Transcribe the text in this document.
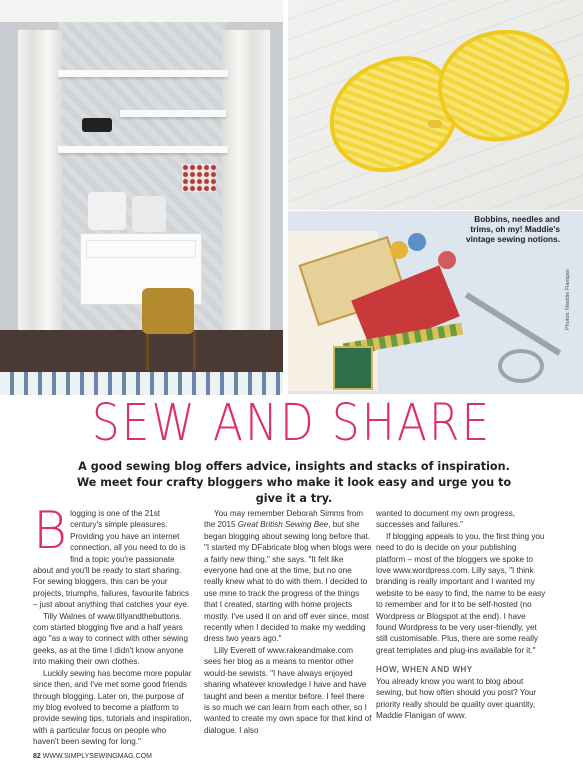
Bobbins, needles and
trims, oh my! Maddie's
vintage sewing notions.
Photos: Maddie Flanigan
SEW AND SHARE
A good sewing blog offers advice, insights and stacks of inspiration. We meet four crafty bloggers who make it look easy and urge you to give it a try.

Blogging is one of the 21st century's simple pleasures. Providing you have an internet connection, all you need to do is find a topic you're passionate about and you'll be ready to start sharing. For sewing bloggers, this can be your projects, triumphs, failures, favourite fabrics – just about anything that catches your eye.

Tilly Walnes of www.tillyandthebuttons. com started blogging five and a half years ago "as a way to connect with other sewing geeks, as at the time I didn't know anyone into making their own clothes.

Luckily sewing has become more popular since then, and I've met some good friends through blogging. Later on, the purpose of my blog evolved to become a platform to provide sewing tips, tutorials and inspiration, with a particular focus on people who haven't been sewing for long."

You may remember Deborah Simms from the 2015 Great British Sewing Bee, but she began blogging about sewing long before that. "I started my DFabricate blog when blogs were a fairly new thing," she says. "It felt like everyone had one at the time, but no one really knew what to do with them. I decided to use mine to track the progress of the things that I created, starting with home projects mostly. I've used it on and off ever since, most recently when I decided to make my wedding dress two years ago."

Lilly Everett of www.rakeandmake.com sees her blog as a means to mentor other would-be sewists. "I have always enjoyed sharing whatever knowledge I have and have taught and been a mentor before. I feel there is so much we can learn from each other, so I wanted to create my own space for that kind of dialogue. I also

wanted to document my own progress, successes and failures."

If blogging appeals to you, the first thing you need to do is decide on your publishing platform – most of the bloggers we spoke to love www.wordpress.com. Lilly says, "I think branding is really important and I wanted my website to be easy to find, the name to be easy to remember and for it to be self-hosted (no Wordpress or Blogspot at the end). I have found Wordpress to be very user-friendly, yet still customisable. Plus, there are some really great templates and plug-ins available for it."

HOW, WHEN AND WHY

You already know you want to blog about sewing, but how often should you post? Your priority really should be quality over quantity, Maddie Flanigan of www.

82 WWW.SIMPLYSEWINGMAG.COM
